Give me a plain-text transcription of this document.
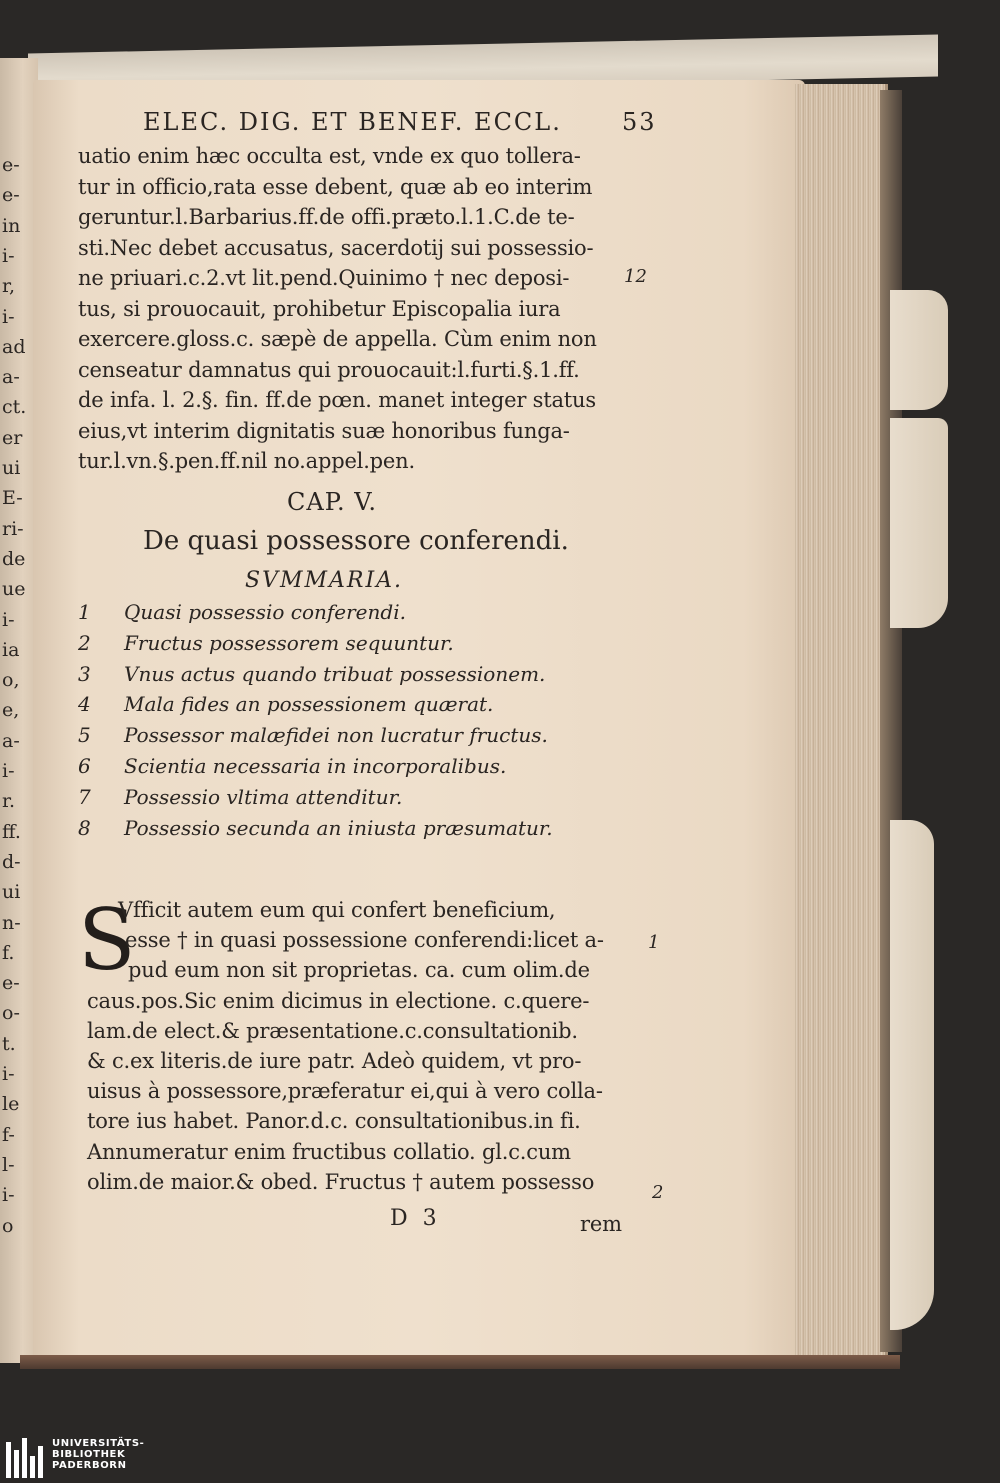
e-
e-
in
i-
r,
i-
ad
a-
ct.
er
ui
E-
ri-
de
ue
i-
ia
o,
e,
a-
i-
r.
ff.
d-
ui
n-
f.
e-
o-
t.
i-
le
f-
l-
i-
o
ELEC. DIG. ET BENEF. ECCL.	53
uatio enim hæc occulta est, vnde ex quo tollera-
tur in officio,rata esse debent, quæ ab eo interim
geruntur.l.Barbarius.ff.de offi.præto.l.1.C.de te-
sti.Nec debet accusatus, sacerdotij sui possessio-
ne priuari.c.2.vt lit.pend.Quinimo † nec deposi-
tus, si prouocauit, prohibetur Episcopalia iura
exercere.gloss.c. sæpè de appella. Cùm enim non
censeatur damnatus qui prouocauit:l.furti.§.1.ff.
de infa. l. 2.§. fin. ff.de pœn. manet integer status
eius,vt interim dignitatis suæ honoribus funga-
tur.l.vn.§.pen.ff.nil no.appel.pen.
12
CAP. V.
De quasi possessore conferendi.
SVMMARIA.
1 Quasi possessio conferendi.
2 Fructus possessorem sequuntur.
3 Vnus actus quando tribuat possessionem.
4 Mala fides an possessionem quærat.
5 Possessor malæfidei non lucratur fructus.
6 Scientia necessaria in incorporalibus.
7 Possessio vltima attenditur.
8 Possessio secunda an iniusta præsumatur.
S
Vfficit autem eum qui confert beneficium,
esse † in quasi possessione conferendi:licet a-
pud eum non sit proprietas. ca. cum olim.de
caus.pos.Sic enim dicimus in electione. c.quere-
lam.de elect.& præsentatione.c.consultationib.
& c.ex literis.de iure patr. Adeò quidem, vt pro-
uisus à possessore,præferatur ei,qui à vero colla-
tore ius habet. Panor.d.c. consultationibus.in fi.
Annumeratur enim fructibus collatio. gl.c.cum
olim.de maior.& obed. Fructus † autem possesso
1
2
D 3	rem
UNIVERSITÄTS-
BIBLIOTHEK
PADERBORN
